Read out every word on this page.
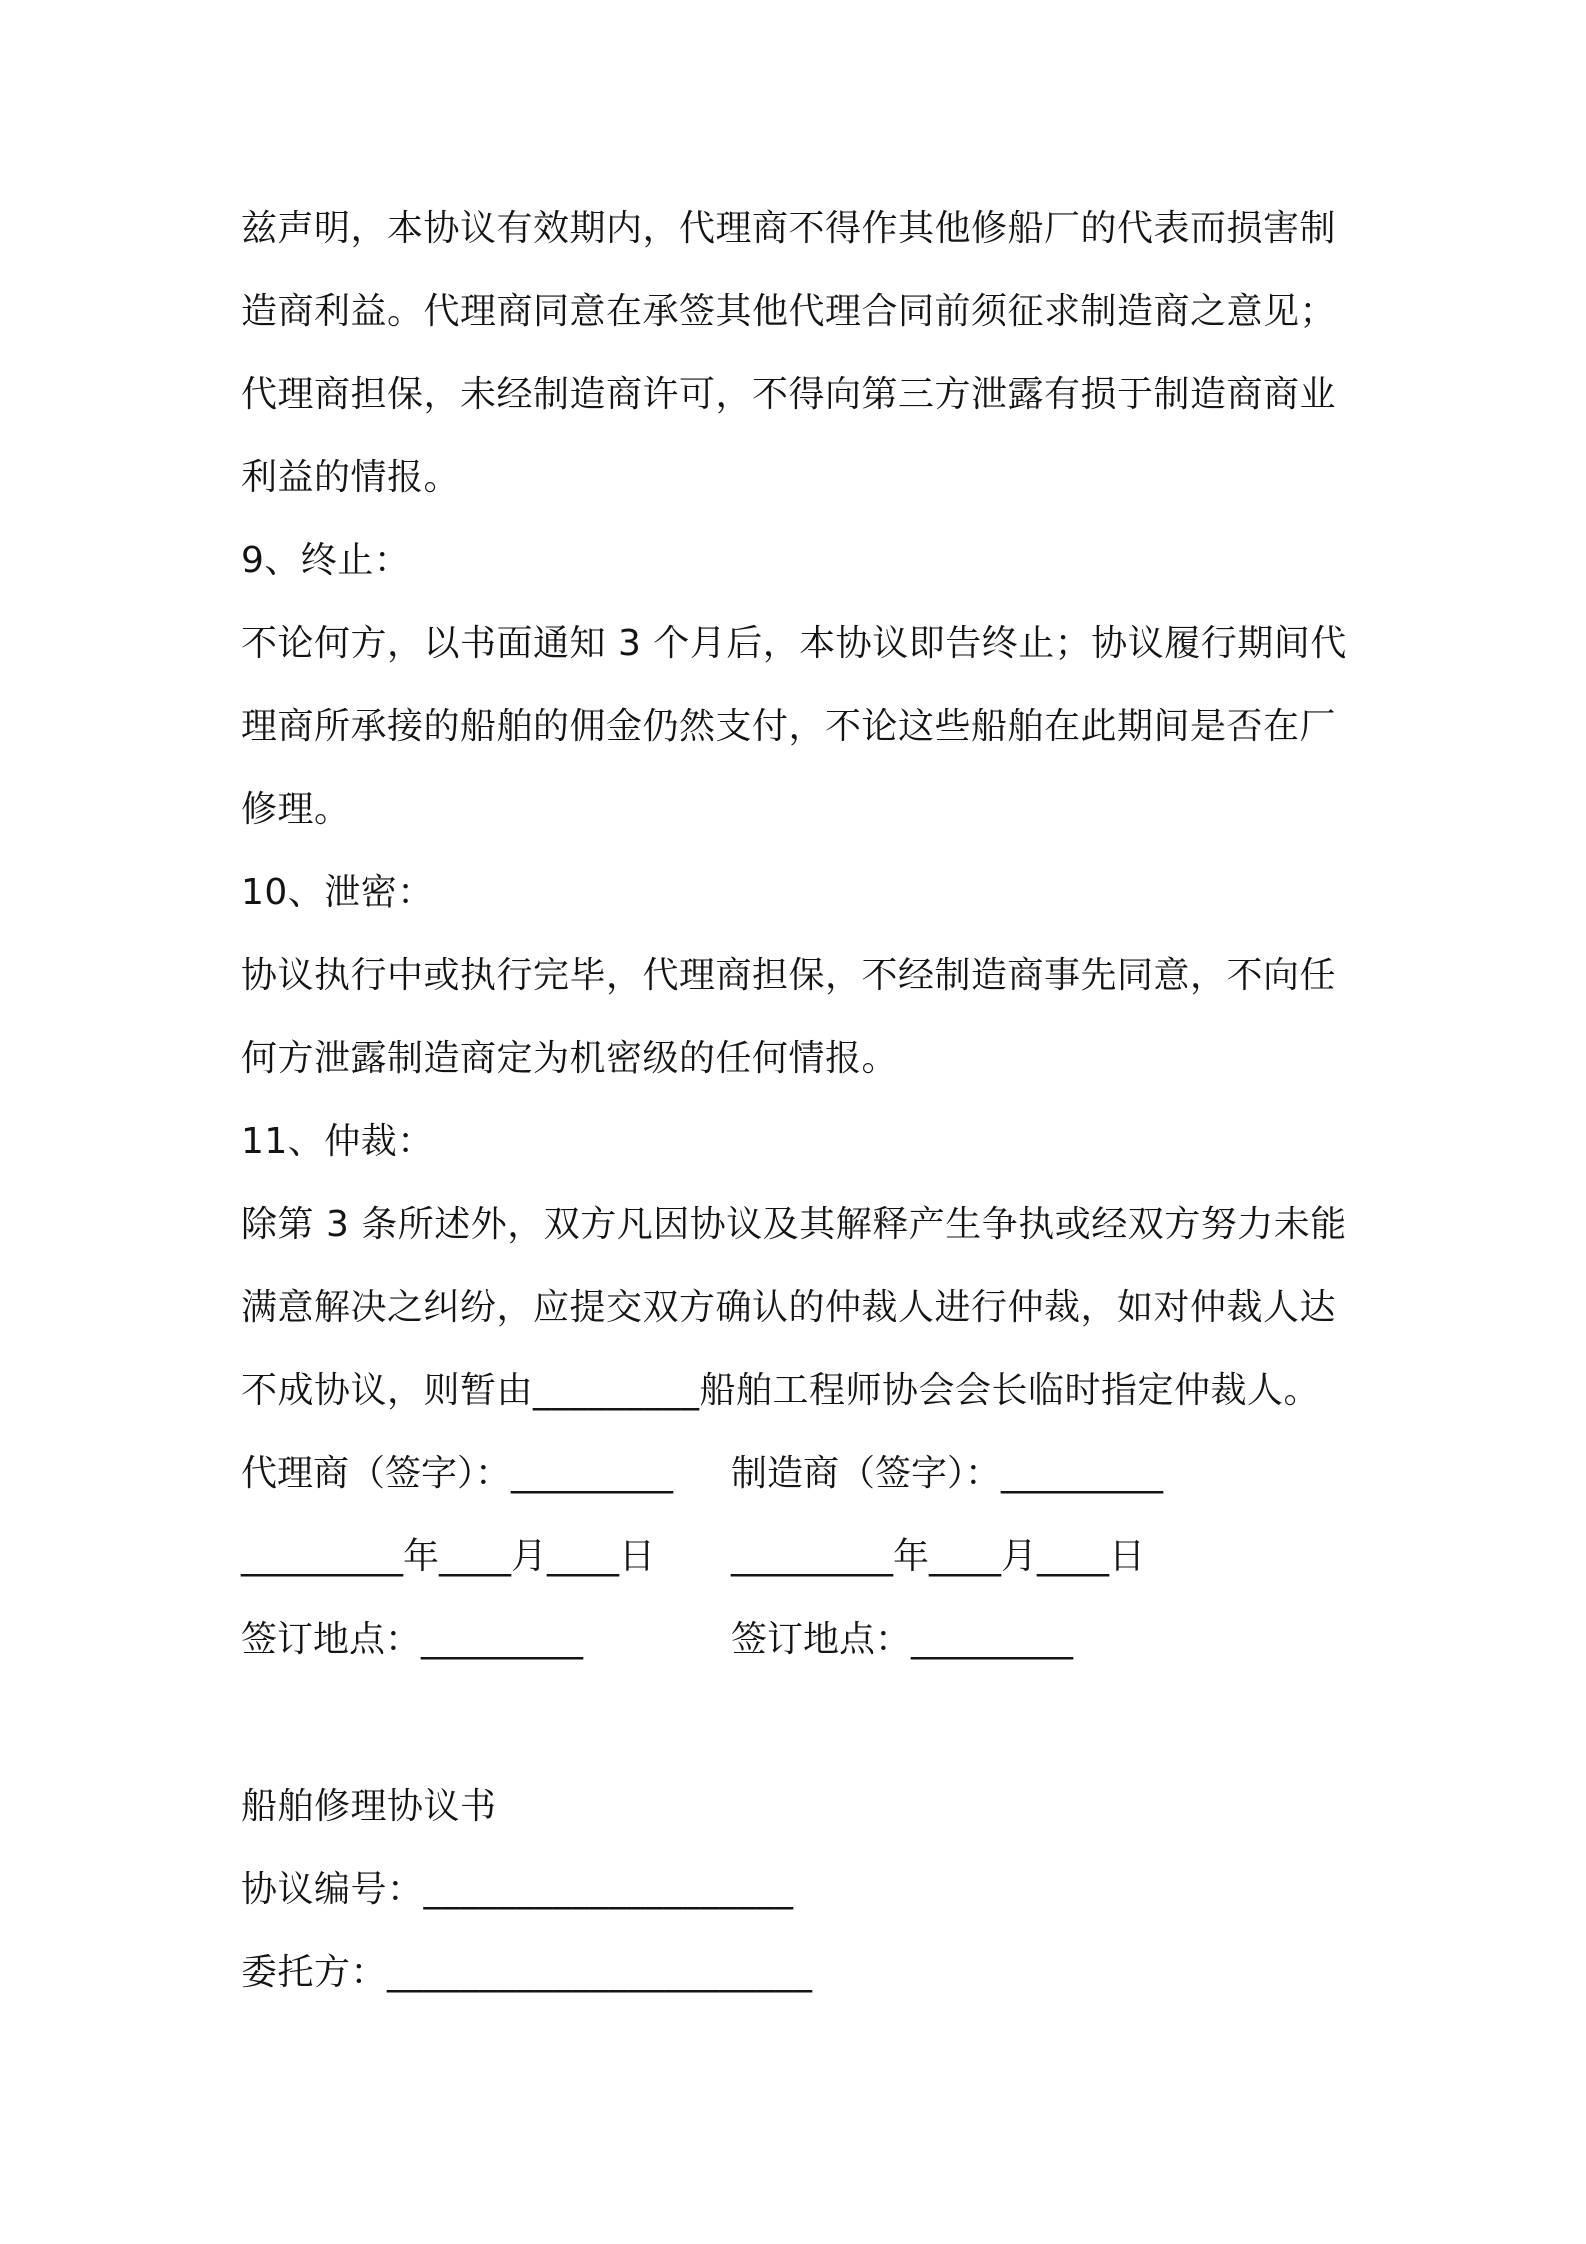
兹声明，本协议有效期内，代理商不得作其他修船厂的代表而损害制
造商利益。代理商同意在承签其他代理合同前须征求制造商之意见；
代理商担保，未经制造商许可，不得向第三方泄露有损于制造商商业
利益的情报。
9、终止：
不论何方，以书面通知 3 个月后，本协议即告终止；协议履行期间代
理商所承接的船舶的佣金仍然支付，不论这些船舶在此期间是否在厂
修理。
10、泄密：
协议执行中或执行完毕，代理商担保，不经制造商事先同意，不向任
何方泄露制造商定为机密级的任何情报。
11、仲裁：
除第 3 条所述外，双方凡因协议及其解释产生争执或经双方努力未能
满意解决之纠纷，应提交双方确认的仲裁人进行仲裁，如对仲裁人达
不成协议，则暂由_________船舶工程师协会会长临时指定仲裁人。
代理商（签字）：_________	制造商（签字）：_________
_________年____月____日	_________年____月____日
签订地点：_________	签订地点：_________
船舶修理协议书
协议编号：____________________
委托方：_______________________
